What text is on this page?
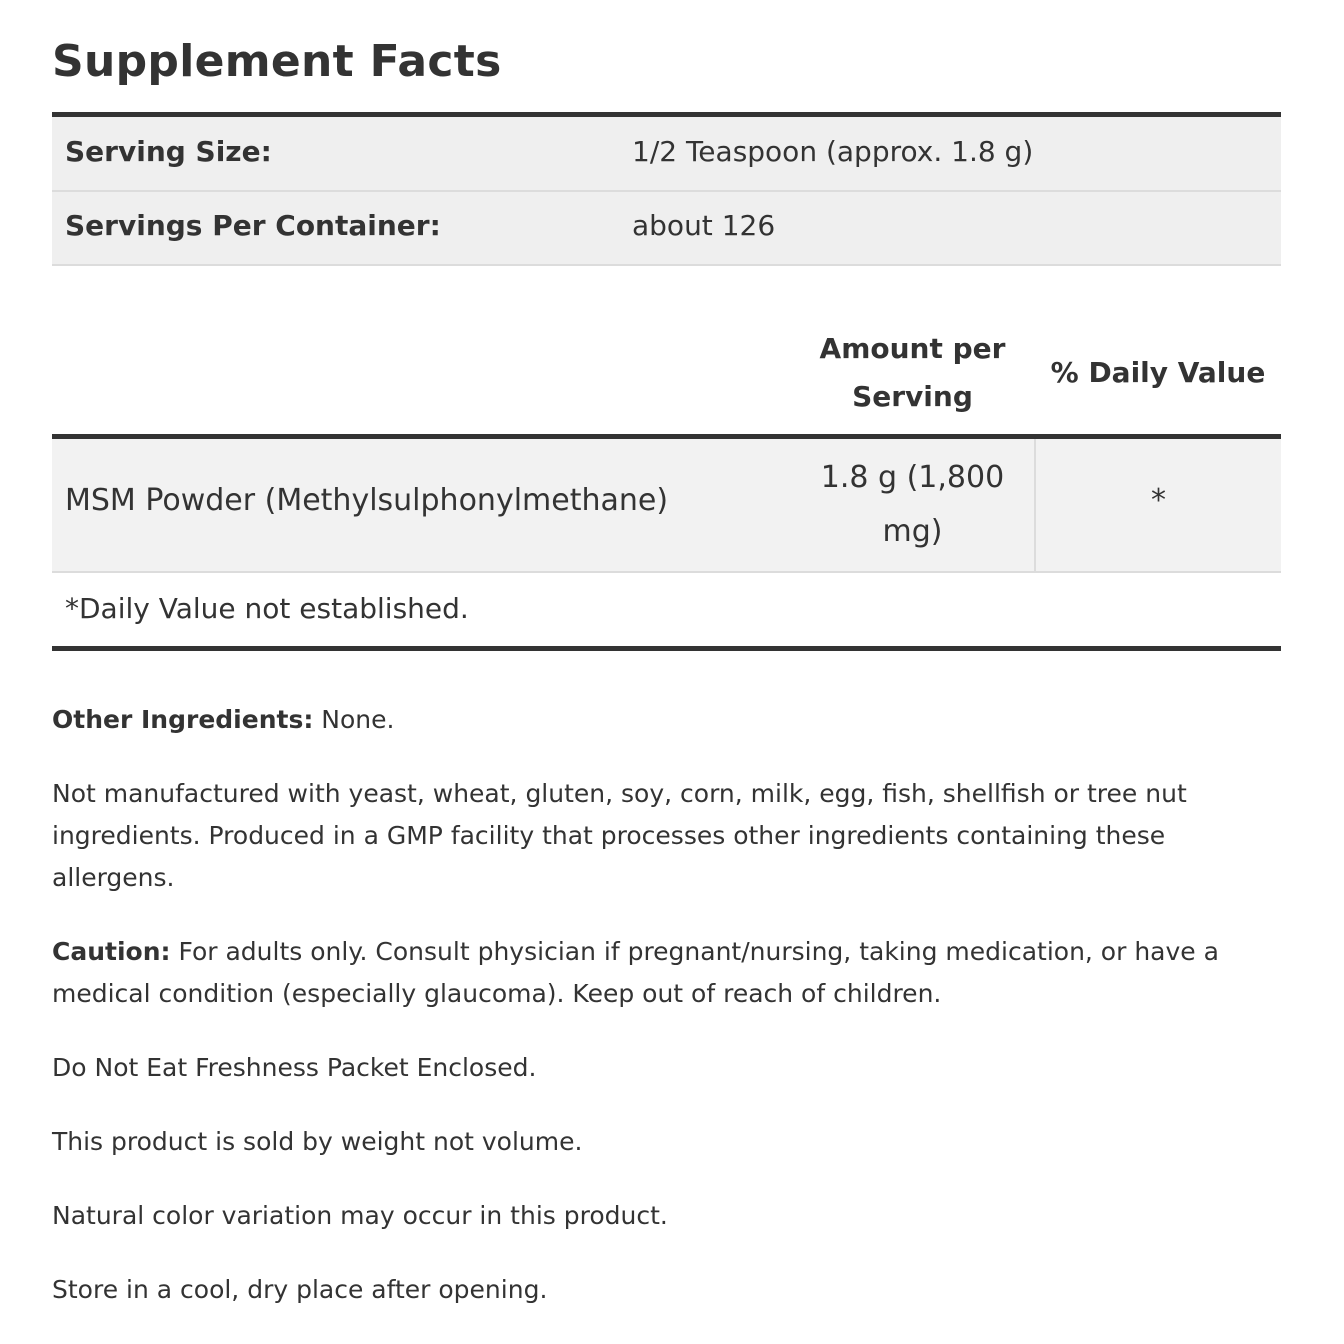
Supplement Facts
Serving Size:	1/2 Teaspoon (approx. 1.8 g)
Servings Per Container:	about 126
Amount per
Serving
% Daily Value
MSM Powder (Methylsulphonylmethane)
1.8 g (1,800
mg)
*
*Daily Value not established.

Other Ingredients: None.

Not manufactured with yeast, wheat, gluten, soy, corn, milk, egg, fish, shellfish or tree nut ingredients. Produced in a GMP facility that processes other ingredients containing these allergens.

Caution: For adults only. Consult physician if pregnant/nursing, taking medication, or have a medical condition (especially glaucoma). Keep out of reach of children.

Do Not Eat Freshness Packet Enclosed.

This product is sold by weight not volume.

Natural color variation may occur in this product.

Store in a cool, dry place after opening.
